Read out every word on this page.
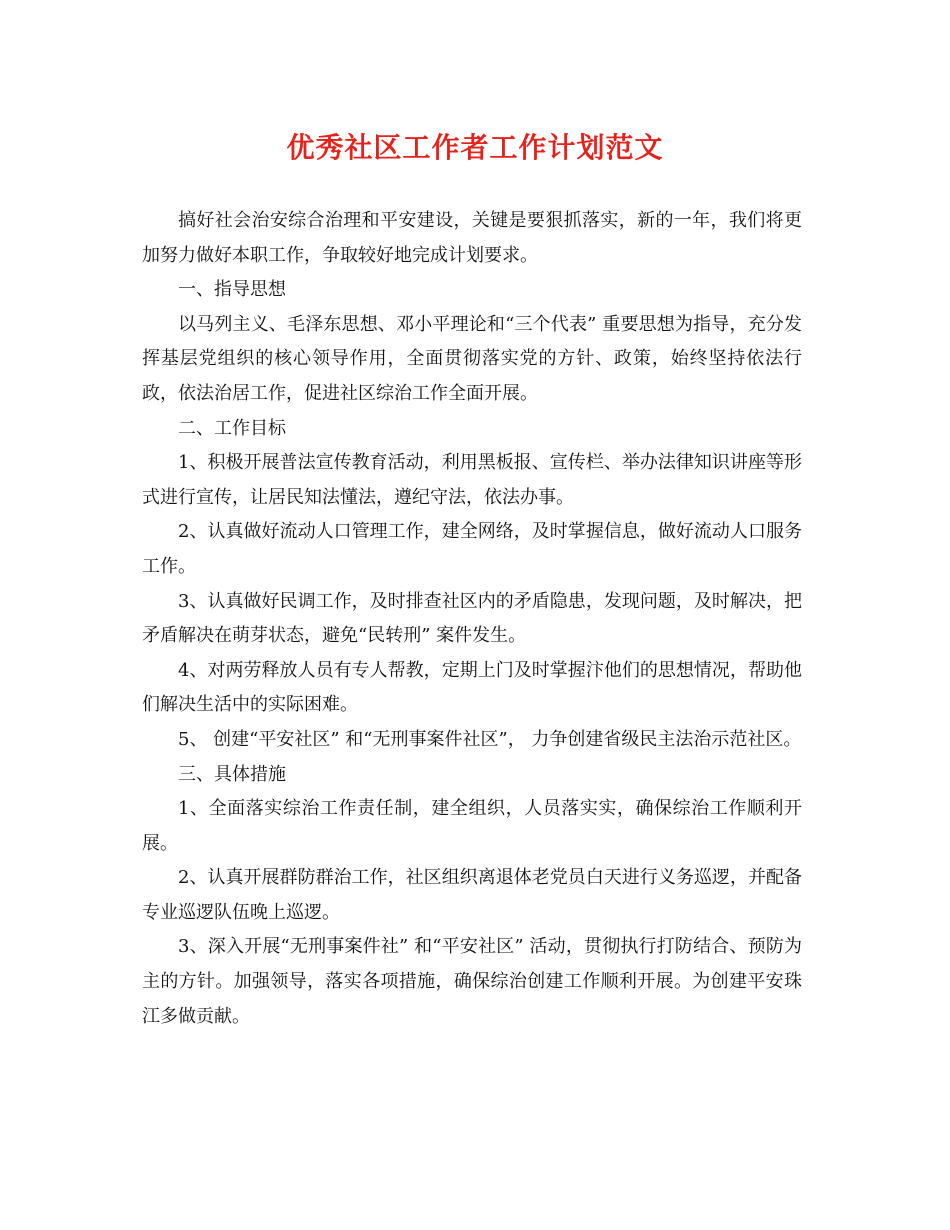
优秀社区工作者工作计划范文

搞好社会治安综合治理和平安建设，关键是要狠抓落实，新的一年，我们将更加努力做好本职工作，争取较好地完成计划要求。

一、指导思想

以马列主义、毛泽东思想、邓小平理论和“三个代表” 重要思想为指导，充分发挥基层党组织的核心领导作用，全面贯彻落实党的方针、政策，始终坚持依法行政，依法治居工作，促进社区综治工作全面开展。

二、工作目标

1、积极开展普法宣传教育活动，利用黑板报、宣传栏、举办法律知识讲座等形式进行宣传，让居民知法懂法，遵纪守法，依法办事。

2、认真做好流动人口管理工作，建全网络，及时掌握信息，做好流动人口服务工作。

3、认真做好民调工作，及时排查社区内的矛盾隐患，发现问题，及时解决，把矛盾解决在萌芽状态，避免“民转刑” 案件发生。

4、对两劳释放人员有专人帮教，定期上门及时掌握汴他们的思想情况，帮助他们解决生活中的实际困难。

5、 创建“平安社区” 和“无刑事案件社区”， 力争创建省级民主法治示范社区。

三、具体措施

1、全面落实综治工作责任制，建全组织，人员落实实，确保综治工作顺利开展。

2、认真开展群防群治工作，社区组织离退体老党员白天进行义务巡逻，并配备专业巡逻队伍晚上巡逻。

3、深入开展“无刑事案件社” 和“平安社区” 活动，贯彻执行打防结合、预防为主的方针。加强领导，落实各项措施，确保综治创建工作顺利开展。为创建平安珠江多做贡献。
